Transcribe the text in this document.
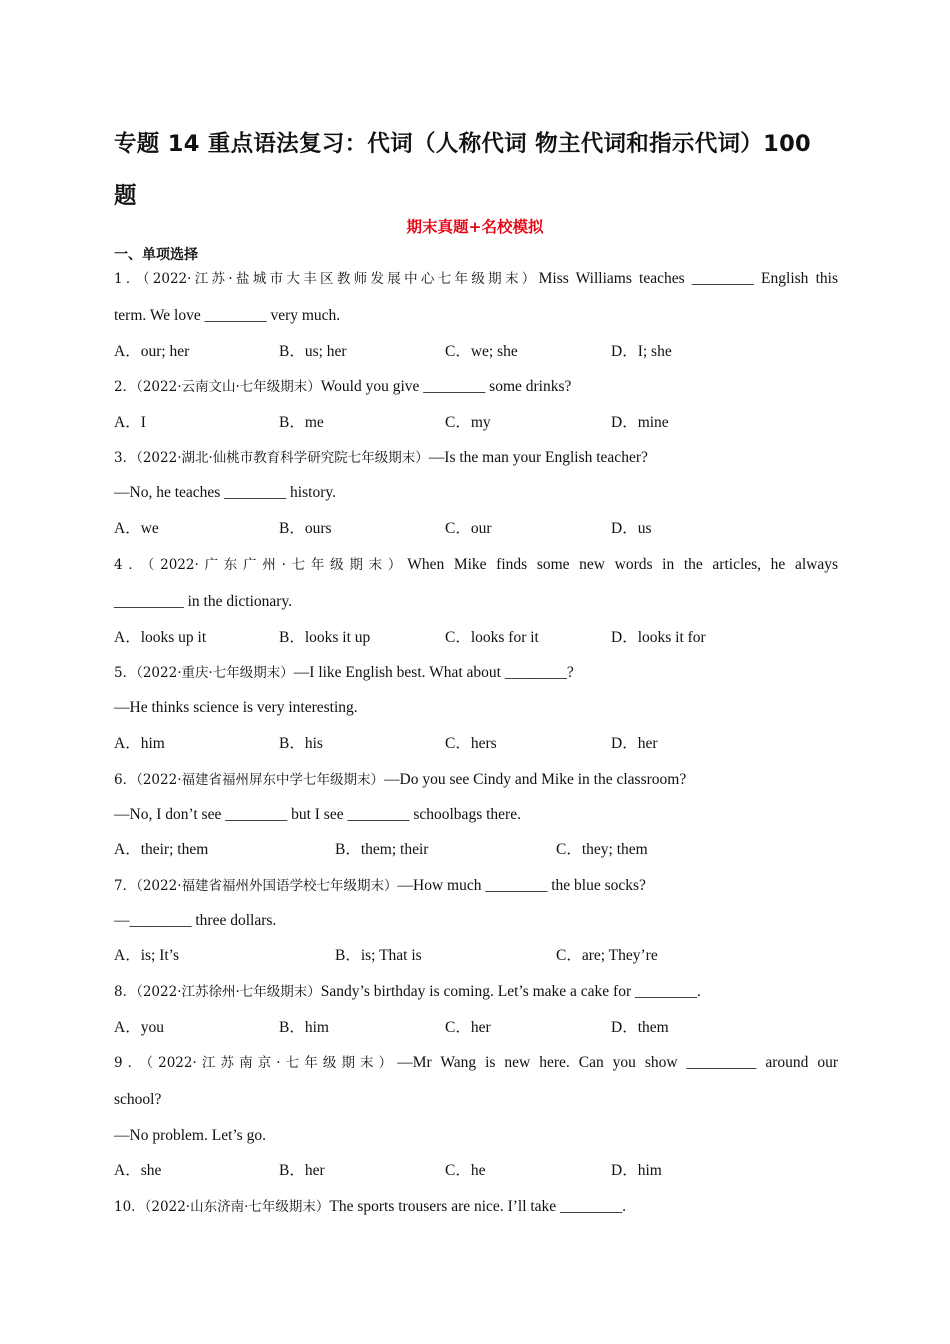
专题 14 重点语法复习：代词（人称代词 物主代词和指示代词）100 题
期末真题+名校模拟
一、单项选择
1．（2022·江苏·盐城市大丰区教师发展中心七年级期末）Miss Williams teaches ________ English this
term. We love ________ very much.
A．our; her	B．us; her	C．we; she	D．I; she
2．（2022·云南文山·七年级期末）Would you give ________ some drinks?
A．I	B．me	C．my	D．mine
3．（2022·湖北·仙桃市教育科学研究院七年级期末）—Is the man your English teacher?
—No, he teaches ________ history.
A．we	B．ours	C．our	D．us
4．（2022·广东广州·七年级期末）When Mike finds some new words in the articles, he always
_________ in the dictionary.
A．looks up it	B．looks it up	C．looks for it	D．looks it for
5．（2022·重庆·七年级期末）—I like English best. What about ________?
—He thinks science is very interesting.
A．him	B．his	C．hers	D．her
6．（2022·福建省福州屏东中学七年级期末）—Do you see Cindy and Mike in the classroom?
—No, I don’t see ________ but I see ________ schoolbags there.
A．their; them	B．them; their	C．they; them
7．（2022·福建省福州外国语学校七年级期末）—How much ________ the blue socks?
—________ three dollars.
A．is; It’s	B．is; That is	C．are; They’re
8．（2022·江苏徐州·七年级期末）Sandy’s birthday is coming. Let’s make a cake for ________.
A．you	B．him	C．her	D．them
9．（2022·江苏南京·七年级期末）—Mr Wang is new here. Can you show _________ around our
school?
—No problem. Let’s go.
A．she	B．her	C．he	D．him
10．（2022·山东济南·七年级期末）The sports trousers are nice. I’ll take ________.
